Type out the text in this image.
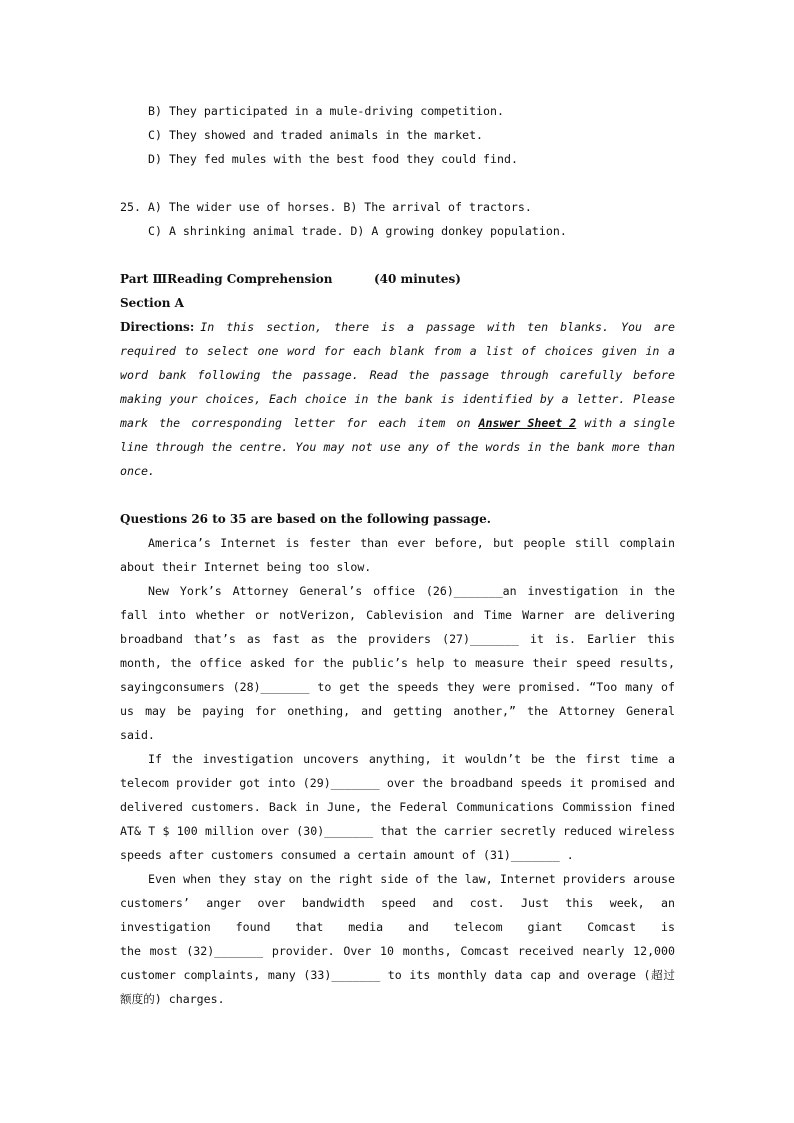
B) They participated in a mule-driving competition.
C) They showed and traded animals in the market.
D) They fed mules with the best food they could find.
25. A) The wider use of horses. B) The arrival of tractors.
C) A shrinking animal trade. D) A growing donkey population.
Part ⅢReading Comprehension	(40 minutes)
Section A
Directions: In this section, there is a passage with ten blanks. You are
required to select one word for each blank from a list of choices given in a
word bank following the passage. Read the passage through carefully before
making your choices, Each choice in the bank is identified by a letter. Please
mark the corresponding letter for each item on Answer Sheet 2 with a single
line through the centre. You may not use any of the words in the bank more than
once.
Questions 26 to 35 are based on the following passage.
America’s Internet is fester than ever before, but people still complain
about their Internet being too slow.
New York’s Attorney General’s office (26)_______an investigation in the
fall into whether or notVerizon, Cablevision and Time Warner are delivering
broadband that’s as fast as the providers (27)_______ it is. Earlier this
month, the office asked for the public’s help to measure their speed results,
sayingconsumers (28)_______ to get the speeds they were promised. “Too many of
us may be paying for onething, and getting another,” the Attorney General
said.
If the investigation uncovers anything, it wouldn’t be the first time a
telecom provider got into (29)_______ over the broadband speeds it promised and
delivered customers. Back in June, the Federal Communications Commission fined
AT& T $ 100 million over (30)_______ that the carrier secretly reduced wireless
speeds after customers consumed a certain amount of (31)_______ .
Even when they stay on the right side of the law, Internet providers arouse
customers’ anger over bandwidth speed and cost. Just this week, an
investigation found that media and telecom giant Comcast is
the most (32)_______ provider. Over 10 months, Comcast received nearly 12,000
customer complaints, many (33)_______ to its monthly data cap and overage (超过
额度的) charges.
